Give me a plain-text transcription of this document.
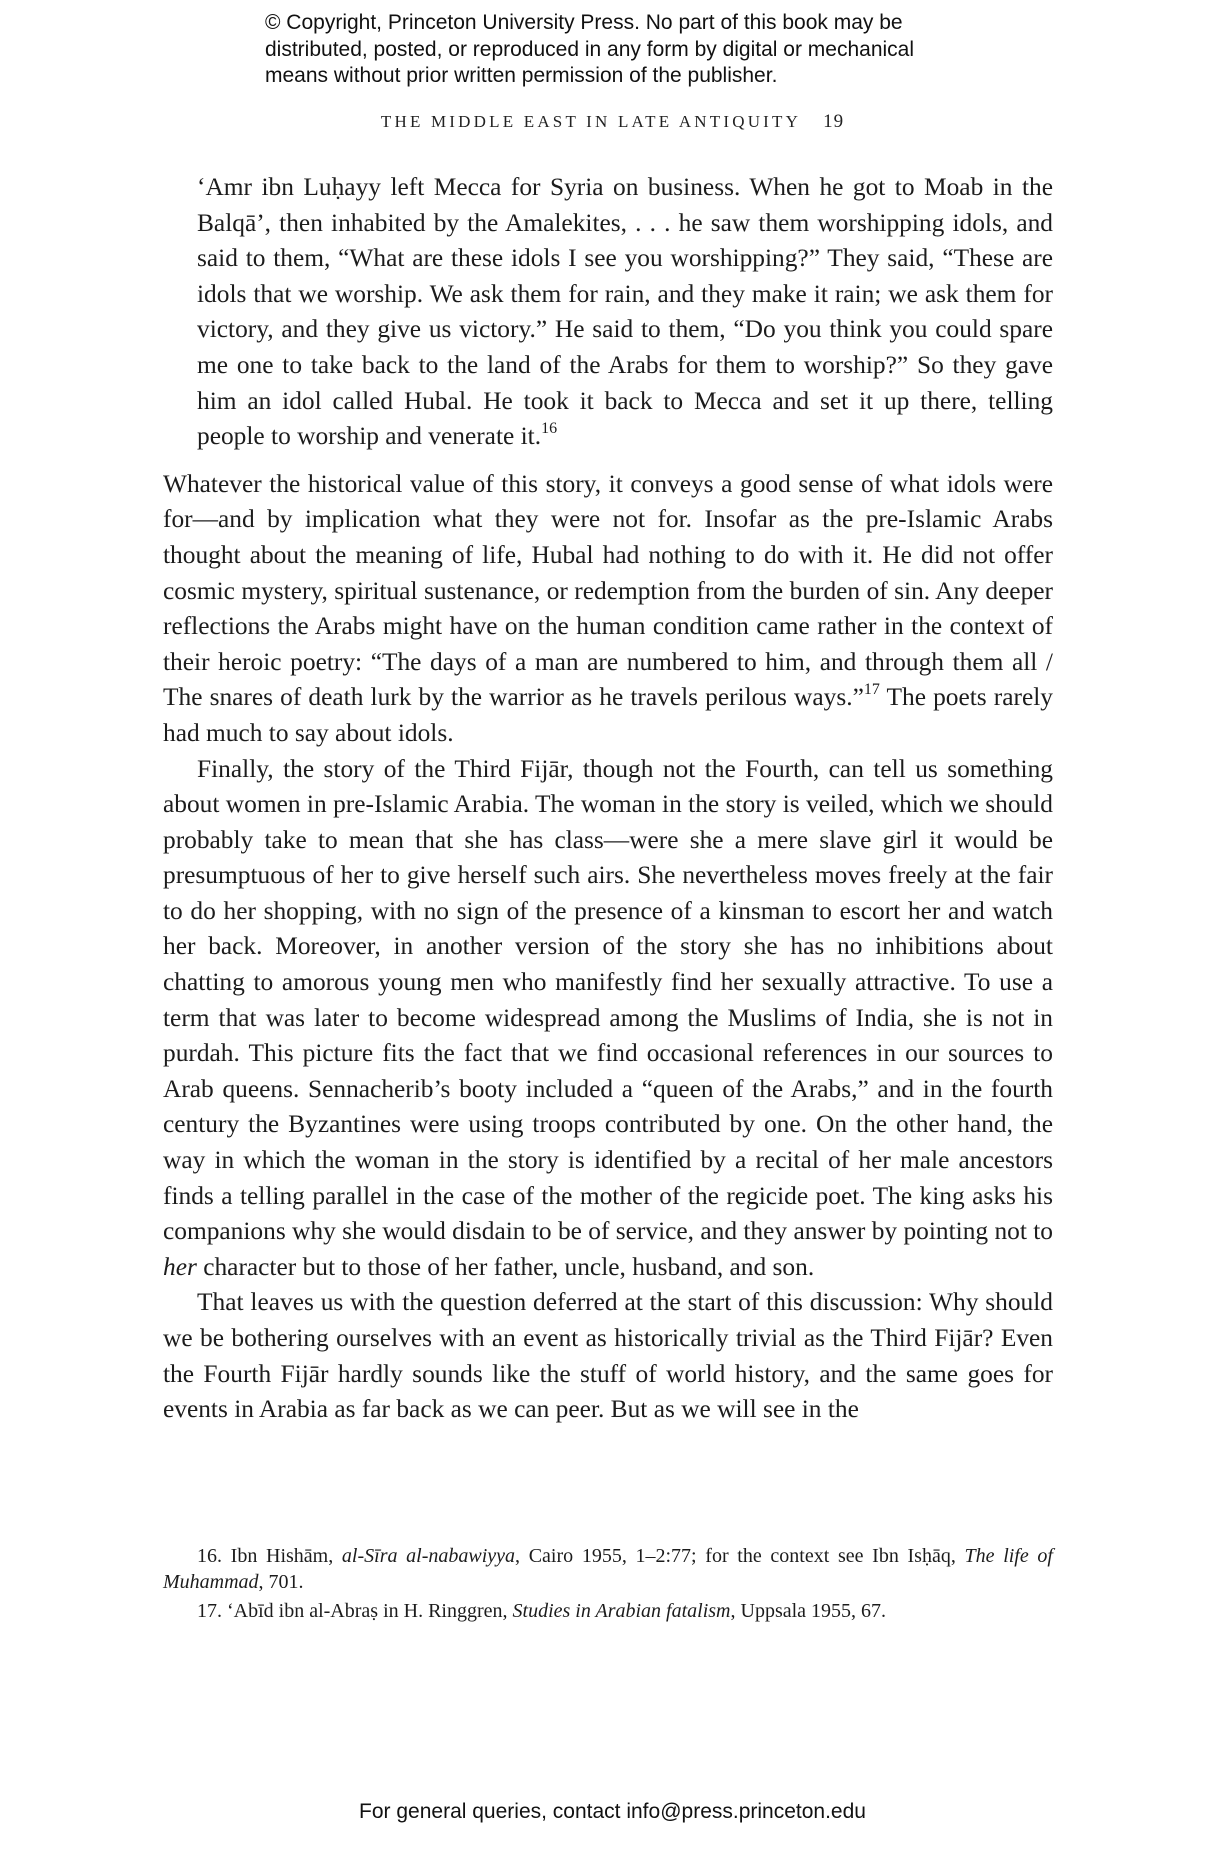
© Copyright, Princeton University Press. No part of this book may be
distributed, posted, or reproduced in any form by digital or mechanical
means without prior written permission of the publisher.
THE MIDDLE EAST IN LATE ANTIQUITY 19
‘Amr ibn Luḥayy left Mecca for Syria on business. When he got to Moab in the Balqā’, then inhabited by the Amalekites, . . . he saw them worshipping idols, and said to them, “What are these idols I see you worshipping?” They said, “These are idols that we worship. We ask them for rain, and they make it rain; we ask them for victory, and they give us victory.” He said to them, “Do you think you could spare me one to take back to the land of the Arabs for them to worship?” So they gave him an idol called Hubal. He took it back to Mecca and set it up there, telling people to worship and venerate it.$^{16}$

Whatever the historical value of this story, it conveys a good sense of what idols were for—and by implication what they were not for. Insofar as the pre-Islamic Arabs thought about the meaning of life, Hubal had nothing to do with it. He did not offer cosmic mystery, spiritual sustenance, or redemption from the burden of sin. Any deeper reflections the Arabs might have on the human condition came rather in the context of their heroic poetry: “The days of a man are numbered to him, and through them all / The snares of death lurk by the warrior as he travels perilous ways.”$^{17}$ The poets rarely had much to say about idols.

Finally, the story of the Third Fijār, though not the Fourth, can tell us something about women in pre-Islamic Arabia. The woman in the story is veiled, which we should probably take to mean that she has class—were she a mere slave girl it would be presumptuous of her to give herself such airs. She nevertheless moves freely at the fair to do her shopping, with no sign of the presence of a kinsman to escort her and watch her back. Moreover, in another version of the story she has no inhibitions about chatting to amorous young men who manifestly find her sexually attractive. To use a term that was later to become widespread among the Muslims of India, she is not in purdah. This picture fits the fact that we find occasional references in our sources to Arab queens. Sennacherib’s booty included a “queen of the Arabs,” and in the fourth century the Byzantines were using troops contributed by one. On the other hand, the way in which the woman in the story is identified by a recital of her male ancestors finds a telling parallel in the case of the mother of the regicide poet. The king asks his companions why she would disdain to be of service, and they answer by pointing not to her character but to those of her father, uncle, husband, and son.

That leaves us with the question deferred at the start of this discussion: Why should we be bothering ourselves with an event as historically trivial as the Third Fijār? Even the Fourth Fijār hardly sounds like the stuff of world history, and the same goes for events in Arabia as far back as we can peer. But as we will see in the

16. Ibn Hishām, al-Sīra al-nabawiyya, Cairo 1955, 1–2:77; for the context see Ibn Isḥāq, The life of Muhammad, 701.

17. ‘Abīd ibn al-Abraṣ in H. Ringgren, Studies in Arabian fatalism, Uppsala 1955, 67.

For general queries, contact info@press.princeton.edu
